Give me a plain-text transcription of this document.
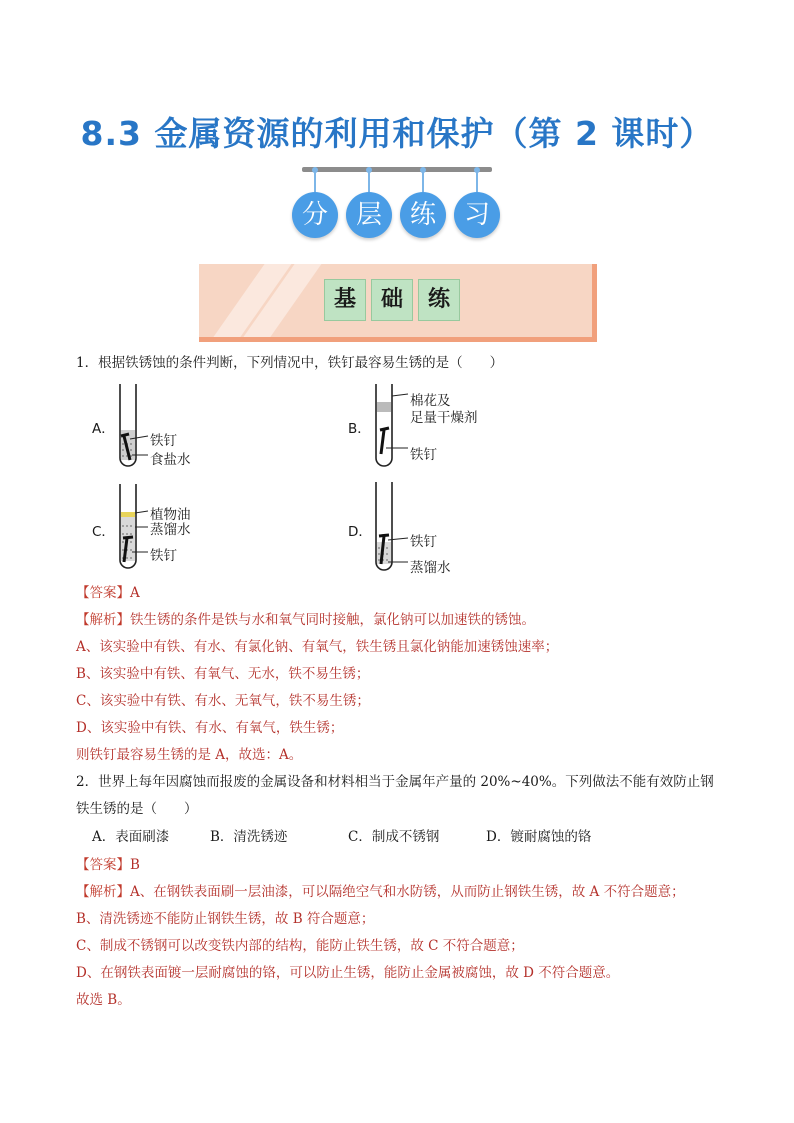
8.3 金属资源的利用和保护（第 2 课时）
分	层	练	习
基	础	练
1．根据铁锈蚀的条件判断，下列情况中，铁钉最容易生锈的是（　　）
A．
铁钉
食盐水
B．
棉花及
足量干燥剂
铁钉
C．
植物油
蒸馏水
铁钉
D．
铁钉
蒸馏水
【答案】A
【解析】铁生锈的条件是铁与水和氧气同时接触，氯化钠可以加速铁的锈蚀。
A、该实验中有铁、有水、有氯化钠、有氧气，铁生锈且氯化钠能加速锈蚀速率；
B、该实验中有铁、有氧气、无水，铁不易生锈；
C、该实验中有铁、有水、无氧气，铁不易生锈；
D、该实验中有铁、有水、有氧气，铁生锈；
则铁钉最容易生锈的是 A，故选：A。
2．世界上每年因腐蚀而报废的金属设备和材料相当于金属年产量的 20%~40%。下列做法不能有效防止钢
铁生锈的是（　　）
A．表面刷漆	B．清洗锈迹	C．制成不锈钢	D．镀耐腐蚀的铬
【答案】B
【解析】A、在钢铁表面刷一层油漆，可以隔绝空气和水防锈，从而防止钢铁生锈，故 A 不符合题意；
B、清洗锈迹不能防止钢铁生锈，故 B 符合题意；
C、制成不锈钢可以改变铁内部的结构，能防止铁生锈，故 C 不符合题意；
D、在钢铁表面镀一层耐腐蚀的铬，可以防止生锈，能防止金属被腐蚀，故 D 不符合题意。
故选 B。
